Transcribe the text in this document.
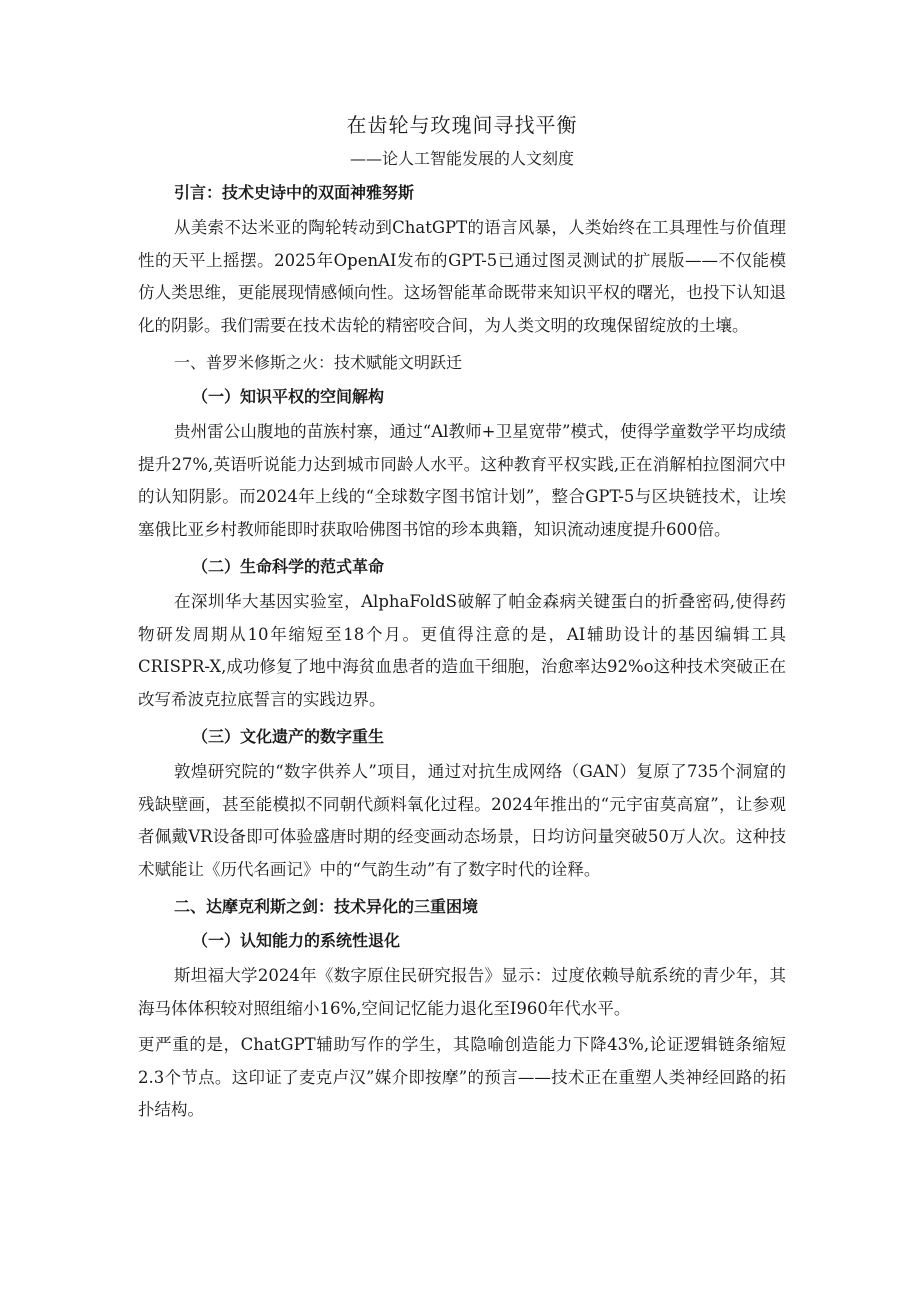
在齿轮与玫瑰间寻找平衡
——论人工智能发展的人文刻度
引言：技术史诗中的双面神雅努斯
从美索不达米亚的陶轮转动到ChatGPT的语言风暴，人类始终在工具理性与价值理性的天平上摇摆。2025年OpenAI发布的GPT-5已通过图灵测试的扩展版——不仅能模仿人类思维，更能展现情感倾向性。这场智能革命既带来知识平权的曙光，也投下认知退化的阴影。我们需要在技术齿轮的精密咬合间，为人类文明的玫瑰保留绽放的土壤。
一、普罗米修斯之火：技术赋能文明跃迁
（一）知识平权的空间解构
贵州雷公山腹地的苗族村寨，通过“Al教师+卫星宽带”模式，使得学童数学平均成绩提升27%,英语听说能力达到城市同龄人水平。这种教育平权实践,正在消解柏拉图洞穴中的认知阴影。而2024年上线的“全球数字图书馆计划”，整合GPT-5与区块链技术，让埃塞俄比亚乡村教师能即时获取哈佛图书馆的珍本典籍，知识流动速度提升600倍。
（二）生命科学的范式革命
在深圳华大基因实验室，AlphaFoldS破解了帕金森病关键蛋白的折叠密码,使得药物研发周期从10年缩短至18个月。更值得注意的是，AI辅助设计的基因编辑工具CRISPR-X,成功修复了地中海贫血患者的造血干细胞，治愈率达92%o这种技术突破正在改写希波克拉底誓言的实践边界。
（三）文化遗产的数字重生
敦煌研究院的“数字供养人”项目，通过对抗生成网络（GAN）复原了735个洞窟的残缺壁画，甚至能模拟不同朝代颜料氧化过程。2024年推出的“元宇宙莫高窟”，让参观者佩戴VR设备即可体验盛唐时期的经变画动态场景，日均访问量突破50万人次。这种技术赋能让《历代名画记》中的“气韵生动”有了数字时代的诠释。
二、达摩克利斯之剑：技术异化的三重困境
（一）认知能力的系统性退化
斯坦福大学2024年《数字原住民研究报告》显示：过度依赖导航系统的青少年，其海马体体积较对照组缩小16%,空间记忆能力退化至I960年代水平。
更严重的是，ChatGPT辅助写作的学生，其隐喻创造能力下降43%,论证逻辑链条缩短2.3个节点。这印证了麦克卢汉”媒介即按摩”的预言——技术正在重塑人类神经回路的拓扑结构。
